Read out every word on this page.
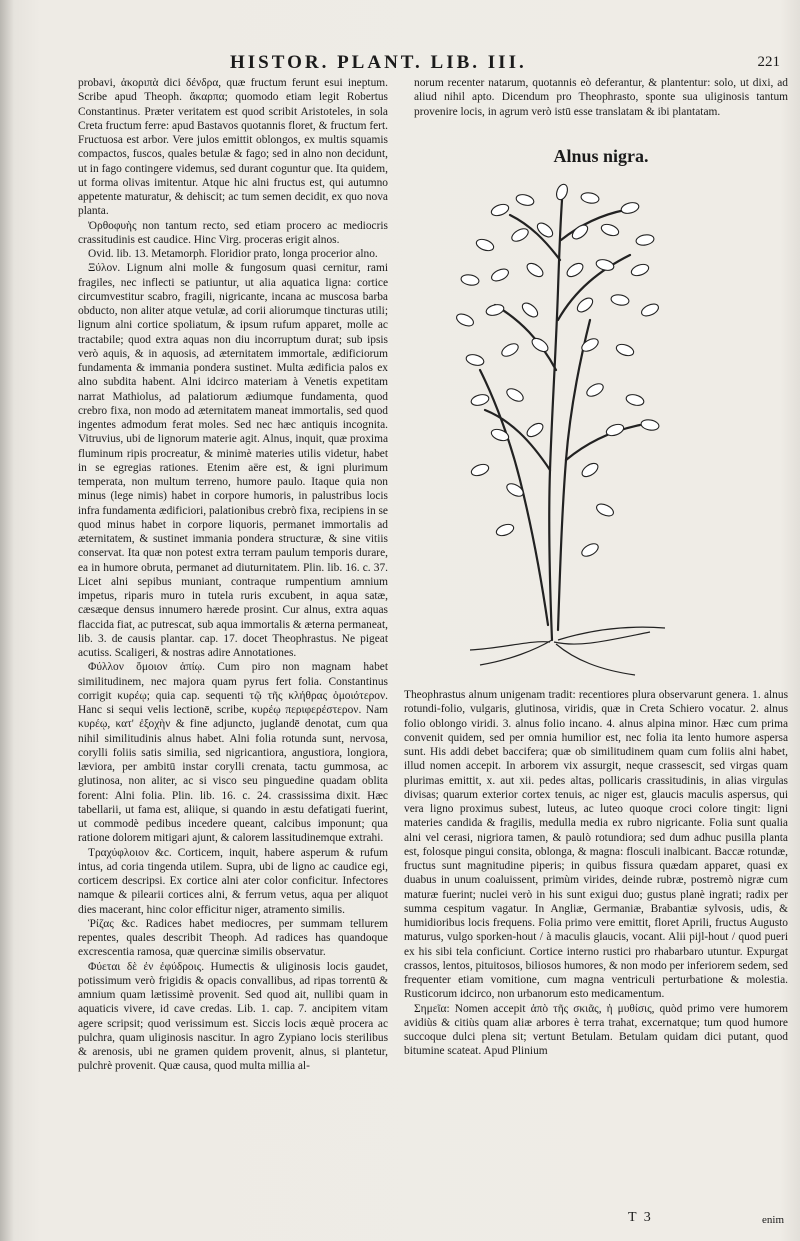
HISTOR. PLANT. LIB. III.	221

probavi, ἀκοριπὰ dici δένδρα, quæ fructum ferunt esui ineptum. Scribe apud Theoph. ἄκαρπα; quomodo etiam legit Robertus Constantinus. Præter veritatem est quod scribit Aristoteles, in sola Creta fructum ferre: apud Bastavos quotannis floret, & fructum fert. Fructuosa est arbor. Vere julos emittit oblongos, ex multis squamis compactos, fuscos, quales betulæ & fago; sed in alno non decidunt, ut in fago contingere videmus, sed durant coguntur que. Ita quidem, ut forma olivas imitentur. Atque hic alni fructus est, qui autumno appetente maturatur, & dehiscit; ac tum semen decidit, ex quo nova planta.

Ὀρθοφυὴς non tantum recto, sed etiam procero ac mediocris crassitudinis est caudice. Hinc Virg. proceras erigit alnos.

Ovid. lib. 13. Metamorph. Floridior prato, longa procerior alno.

Ξύλον. Lignum alni molle & fungosum quasi cernitur, rami fragiles, nec inflecti se patiuntur, ut alia aquatica ligna: cortice circumvestitur scabro, fragili, nigricante, incana ac muscosa barba obducto, non aliter atque vetulæ, ad corii aliorumque tincturas utili; lignum alni cortice spoliatum, & ipsum rufum apparet, molle ac tractabile; quod extra aquas non diu incorruptum durat; sub ipsis verò aquis, & in aquosis, ad æternitatem immortale, ædificiorum fundamenta & immania pondera sustinet. Multa ædificia palos ex alno subdita habent. Alni idcirco materiam à Venetis expetitam narrat Mathiolus, ad palatiorum ædiumque fundamenta, quod crebro fixa, non modo ad æternitatem maneat immortalis, sed quod ingentes admodum ferat moles. Sed nec hæc antiquis incognita. Vitruvius, ubi de lignorum materie agit. Alnus, inquit, quæ proxima fluminum ripis procreatur, & minimè materies utilis videtur, habet in se egregias rationes. Etenim aëre est, & igni plurimum temperata, non multum terreno, humore paulo. Itaque quia non minus (lege nimis) habet in corpore humoris, in palustribus locis infra fundamenta ædificiori, palationibus crebrò fixa, recipiens in se quod minus habet in corpore liquoris, permanet immortalis ad æternitatem, & sustinet immania pondera structuræ, & sine vitiis conservat. Ita quæ non potest extra terram paulum temporis durare, ea in humore obruta, permanet ad diuturnitatem. Plin. lib. 16. c. 37. Licet alni sepibus muniant, contraque rumpentium amnium impetus, riparis muro in tutela ruris excubent, in aqua satæ, cæsæque densus innumero hærede prosint. Cur alnus, extra aquas flaccida fiat, ac putrescat, sub aqua immortalis & æterna permaneat, lib. 3. de causis plantar. cap. 17. docet Theophrastus. Ne pigeat acutiss. Scaligeri, & nostras adire Annotationes.

Φύλλον ὅμοιον ἀπίῳ. Cum piro non magnam habet similitudinem, nec majora quam pyrus fert folia. Constantinus corrigit κυρέῳ; quia cap. sequenti τῷ τῆς κλήθρας ὁμοιότερον. Hanc si sequi velis lectionē, scribe, κυρέῳ περιφερέστερον. Nam κυρέῳ, κατ' ἐξοχὴν & fine adjuncto, juglandē denotat, cum qua nihil similitudinis alnus habet. Alni folia rotunda sunt, nervosa, corylli foliis satis similia, sed nigricantiora, angustiora, longiora, læviora, per ambitū instar corylli crenata, tactu gummosa, ac glutinosa, non aliter, ac si visco seu pinguedine quadam oblita forent: Alni folia. Plin. lib. 16. c. 24. crassissima dixit. Hæc tabellarii, ut fama est, aliique, si quando in æstu defatigati fuerint, ut commodè pedibus incedere queant, calcibus imponunt; qua ratione dolorem mitigari ajunt, & calorem lassitudinemque extrahi.

Τραχύφλοιον &c. Corticem, inquit, habere asperum & rufum intus, ad coria tingenda utilem. Supra, ubi de ligno ac caudice egi, corticem descripsi. Ex cortice alni ater color conficitur. Infectores namque & pilearii cortices alni, & ferrum vetus, aqua per aliquot dies macerant, hinc color efficitur niger, atramento similis.

Ῥίζας &c. Radices habet mediocres, per summam tellurem repentes, quales describit Theoph. Ad radices has quandoque excrescentia ramosa, quæ quercinæ similis observatur.

Φύεται δὲ ἐν ἐφύδροις. Humectis & uliginosis locis gaudet, potissimum verò frigidis & opacis convallibus, ad ripas torrentū & amnium quam lætissimè provenit. Sed quod ait, nullibi quam in aquaticis vivere, id cave credas. Lib. 1. cap. 7. ancipitem vitam agere scripsit; quod verissimum est. Siccis locis æquè procera ac pulchra, quam uliginosis nascitur. In agro Zypiano locis sterilibus & arenosis, ubi ne gramen quidem provenit, alnus, si plantetur, pulchrè provenit. Quæ causa, quod multa millia al-

norum recenter natarum, quotannis eò deferantur, & plantentur: solo, ut dixi, ad aliud nihil apto. Dicendum pro Theophrasto, sponte sua uliginosis tantum provenire locis, in agrum verò istū esse translatam & ibi plantatam.

Alnus nigra.

Theophrastus alnum unigenam tradit: recentiores plura observarunt genera. 1. alnus rotundi-folio, vulgaris, glutinosa, viridis, quæ in Creta Schiero vocatur. 2. alnus folio oblongo viridi. 3. alnus folio incano. 4. alnus alpina minor. Hæc cum prima convenit quidem, sed per omnia humilior est, nec folia ita lento humore aspersa sunt. His addi debet baccifera; quæ ob similitudinem quam cum foliis alni habet, illud nomen accepit. In arborem vix assurgit, neque crassescit, sed virgas quam plurimas emittit, x. aut xii. pedes altas, pollicaris crassitudinis, in alias virgulas divisas; quarum exterior cortex tenuis, ac niger est, glaucis maculis aspersus, qui vera ligno proximus subest, luteus, ac luteo quoque croci colore tingit: ligni materies candida & fragilis, medulla media ex rubro nigricante. Folia sunt qualia alni vel cerasi, nigriora tamen, & paulò rotundiora; sed dum adhuc pusilla planta est, folosque pingui consita, oblonga, & magna: flosculi inalbicant. Baccæ rotundæ, fructus sunt magnitudine piperis; in quibus fissura quædam apparet, quasi ex duabus in unum coaluissent, primùm virides, deinde rubræ, postremò nigræ cum maturæ fuerint; nuclei verò in his sunt exigui duo; gustus planè ingrati; radix per summa cespitum vagatur. In Angliæ, Germaniæ, Brabantiæ sylvosis, udis, & humidioribus locis frequens. Folia primo vere emittit, floret Aprili, fructus Augusto maturus, vulgo sporken-hout / à maculis glaucis, vocant. Alii pijl-hout / quod pueri ex his sibi tela conficiunt. Cortice interno rustici pro rhabarbaro utuntur. Expurgat crassos, lentos, pituitosos, biliosos humores, & non modo per inferiorem sedem, sed frequenter etiam vomitione, cum magna ventriculi perturbatione & molestia. Rusticorum idcirco, non urbanorum esto medicamentum.

Σημεῖα: Nomen accepit ἀπὸ τῆς σκιᾶς, ἡ μυθίσις, quòd primo vere humorem avidiùs & citiùs quam aliæ arbores è terra trahat, excernatque; tum quod humore succoque dulci plena sit; vertunt Betulam. Betulam quidam dici putant, quod bitumine scateat. Apud Plinium

T 3	enim
